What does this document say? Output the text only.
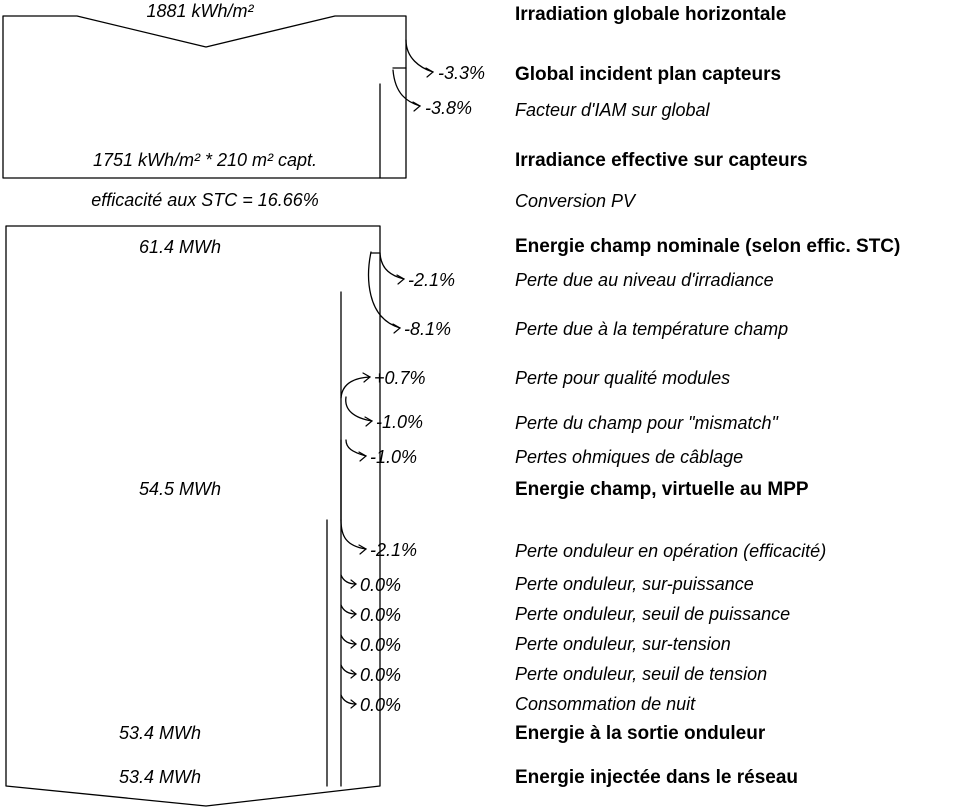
1881 kWh/m²
1751 kWh/m² * 210 m² capt.
efficacité aux STC = 16.66%
61.4 MWh
54.5 MWh
53.4 MWh
53.4 MWh
-3.3%
-3.8%
-2.1%
-8.1%
+0.7%
-1.0%
-1.0%
-2.1%
0.0%
0.0%
0.0%
0.0%
0.0%
Irradiation globale horizontale
Global incident plan capteurs
Facteur d'IAM sur global
Irradiance effective sur capteurs
Conversion PV
Energie champ nominale (selon effic. STC)
Perte due au niveau d'irradiance
Perte due à la température champ
Perte pour qualité modules
Perte du champ pour "mismatch"
Pertes ohmiques de câblage
Energie champ, virtuelle au MPP
Perte onduleur en opération (efficacité)
Perte onduleur, sur-puissance
Perte onduleur, seuil de puissance
Perte onduleur, sur-tension
Perte onduleur, seuil de tension
Consommation de nuit
Energie à la sortie onduleur
Energie injectée dans le réseau
